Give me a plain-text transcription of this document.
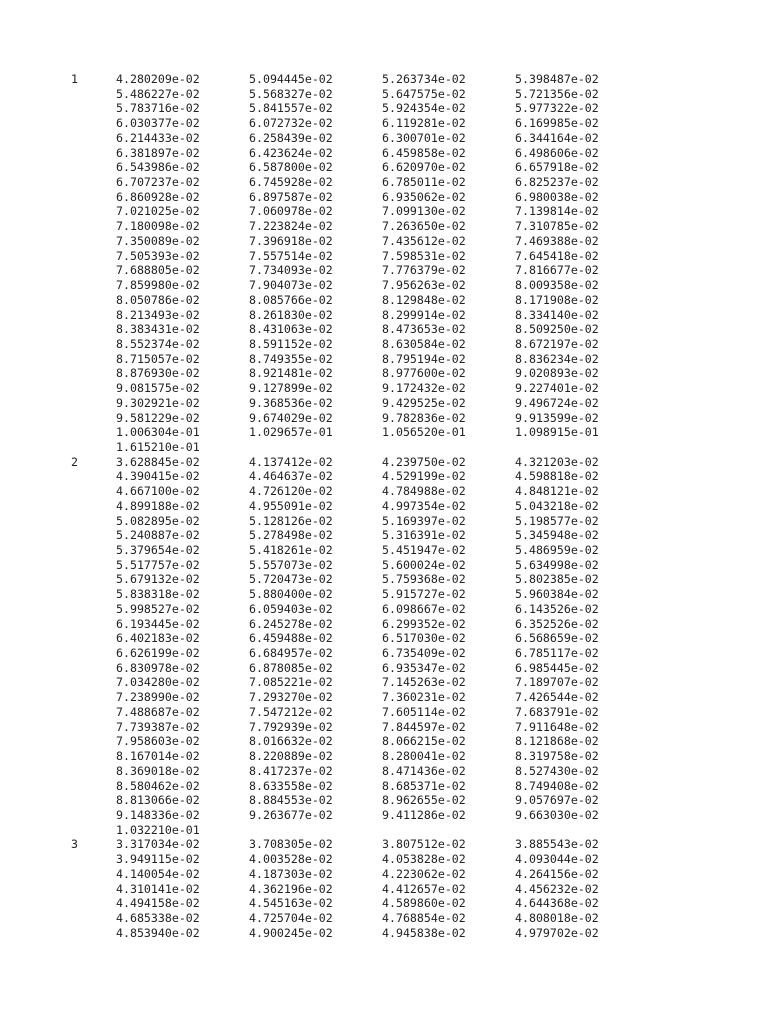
1	4.280209e-02	5.094445e-02	5.263734e-02	5.398487e-02
5.486227e-02	5.568327e-02	5.647575e-02	5.721356e-02
5.783716e-02	5.841557e-02	5.924354e-02	5.977322e-02
6.030377e-02	6.072732e-02	6.119281e-02	6.169985e-02
6.214433e-02	6.258439e-02	6.300701e-02	6.344164e-02
6.381897e-02	6.423624e-02	6.459858e-02	6.498606e-02
6.543986e-02	6.587800e-02	6.620970e-02	6.657918e-02
6.707237e-02	6.745928e-02	6.785011e-02	6.825237e-02
6.860928e-02	6.897587e-02	6.935062e-02	6.980038e-02
7.021025e-02	7.060978e-02	7.099130e-02	7.139814e-02
7.180098e-02	7.223824e-02	7.263650e-02	7.310785e-02
7.350089e-02	7.396918e-02	7.435612e-02	7.469388e-02
7.505393e-02	7.557514e-02	7.598531e-02	7.645418e-02
7.688805e-02	7.734093e-02	7.776379e-02	7.816677e-02
7.859980e-02	7.904073e-02	7.956263e-02	8.009358e-02
8.050786e-02	8.085766e-02	8.129848e-02	8.171908e-02
8.213493e-02	8.261830e-02	8.299914e-02	8.334140e-02
8.383431e-02	8.431063e-02	8.473653e-02	8.509250e-02
8.552374e-02	8.591152e-02	8.630584e-02	8.672197e-02
8.715057e-02	8.749355e-02	8.795194e-02	8.836234e-02
8.876930e-02	8.921481e-02	8.977600e-02	9.020893e-02
9.081575e-02	9.127899e-02	9.172432e-02	9.227401e-02
9.302921e-02	9.368536e-02	9.429525e-02	9.496724e-02
9.581229e-02	9.674029e-02	9.782836e-02	9.913599e-02
1.006304e-01	1.029657e-01	1.056520e-01	1.098915e-01
1.615210e-01
2	3.628845e-02	4.137412e-02	4.239750e-02	4.321203e-02
4.390415e-02	4.464637e-02	4.529199e-02	4.598818e-02
4.667100e-02	4.726120e-02	4.784988e-02	4.848121e-02
4.899188e-02	4.955091e-02	4.997354e-02	5.043218e-02
5.082895e-02	5.128126e-02	5.169397e-02	5.198577e-02
5.240887e-02	5.278498e-02	5.316391e-02	5.345948e-02
5.379654e-02	5.418261e-02	5.451947e-02	5.486959e-02
5.517757e-02	5.557073e-02	5.600024e-02	5.634998e-02
5.679132e-02	5.720473e-02	5.759368e-02	5.802385e-02
5.838318e-02	5.880400e-02	5.915727e-02	5.960384e-02
5.998527e-02	6.059403e-02	6.098667e-02	6.143526e-02
6.193445e-02	6.245278e-02	6.299352e-02	6.352526e-02
6.402183e-02	6.459488e-02	6.517030e-02	6.568659e-02
6.626199e-02	6.684957e-02	6.735409e-02	6.785117e-02
6.830978e-02	6.878085e-02	6.935347e-02	6.985445e-02
7.034280e-02	7.085221e-02	7.145263e-02	7.189707e-02
7.238990e-02	7.293270e-02	7.360231e-02	7.426544e-02
7.488687e-02	7.547212e-02	7.605114e-02	7.683791e-02
7.739387e-02	7.792939e-02	7.844597e-02	7.911648e-02
7.958603e-02	8.016632e-02	8.066215e-02	8.121868e-02
8.167014e-02	8.220889e-02	8.280041e-02	8.319758e-02
8.369018e-02	8.417237e-02	8.471436e-02	8.527430e-02
8.580462e-02	8.633558e-02	8.685371e-02	8.749408e-02
8.813066e-02	8.884553e-02	8.962655e-02	9.057697e-02
9.148336e-02	9.263677e-02	9.411286e-02	9.663030e-02
1.032210e-01
3	3.317034e-02	3.708305e-02	3.807512e-02	3.885543e-02
3.949115e-02	4.003528e-02	4.053828e-02	4.093044e-02
4.140054e-02	4.187303e-02	4.223062e-02	4.264156e-02
4.310141e-02	4.362196e-02	4.412657e-02	4.456232e-02
4.494158e-02	4.545163e-02	4.589860e-02	4.644368e-02
4.685338e-02	4.725704e-02	4.768854e-02	4.808018e-02
4.853940e-02	4.900245e-02	4.945838e-02	4.979702e-02
